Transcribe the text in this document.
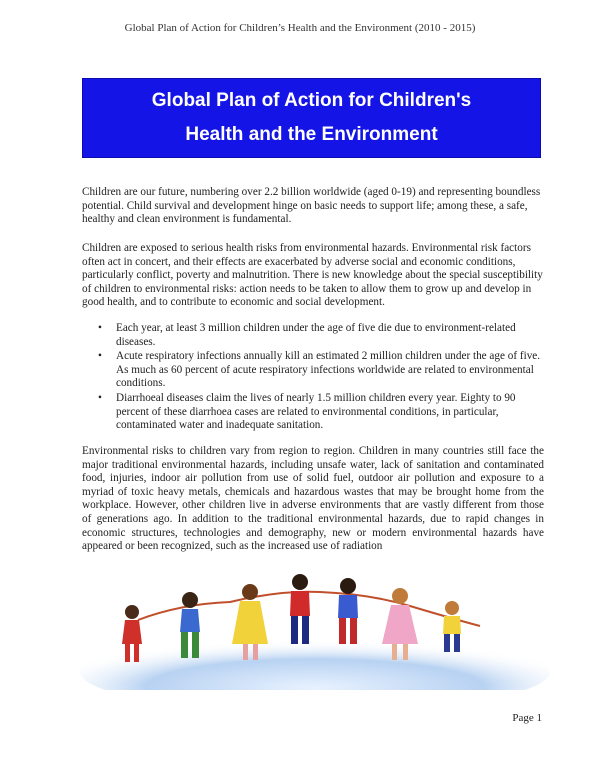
Global Plan of Action for Children’s Health and the Environment (2010 - 2015)
Global Plan of Action for Children's
Health and the Environment
Children are our future, numbering over 2.2 billion worldwide (aged 0-19) and representing boundless potential. Child survival and development hinge on basic needs to support life; among these, a safe, healthy and clean environment is fundamental.
Children are exposed to serious health risks from environmental hazards. Environmental risk factors often act in concert, and their effects are exacerbated by adverse social and economic conditions, particularly conflict, poverty and malnutrition. There is new knowledge about the special susceptibility of children to environmental risks: action needs to be taken to allow them to grow up and develop in good health, and to contribute to economic and social development.
• Each year, at least 3 million children under the age of five die due to environment-related diseases.
• Acute respiratory infections annually kill an estimated 2 million children under the age of five. As much as 60 percent of acute respiratory infections worldwide are related to environmental conditions.
• Diarrhoeal diseases claim the lives of nearly 1.5 million children every year. Eighty to 90 percent of these diarrhoea cases are related to environmental conditions, in particular, contaminated water and inadequate sanitation.
Environmental risks to children vary from region to region. Children in many countries still face the major traditional environmental hazards, including unsafe water, lack of sanitation and contaminated food, injuries, indoor air pollution from use of solid fuel, outdoor air pollution and exposure to a myriad of toxic heavy metals, chemicals and hazardous wastes that may be brought home from the workplace. However, other children live in adverse environments that are vastly different from those of generations ago. In addition to the traditional environmental hazards, due to rapid changes in economic structures, technologies and demography, new or modern environmental hazards have appeared or been recognized, such as the increased use of radiation
Page 1
